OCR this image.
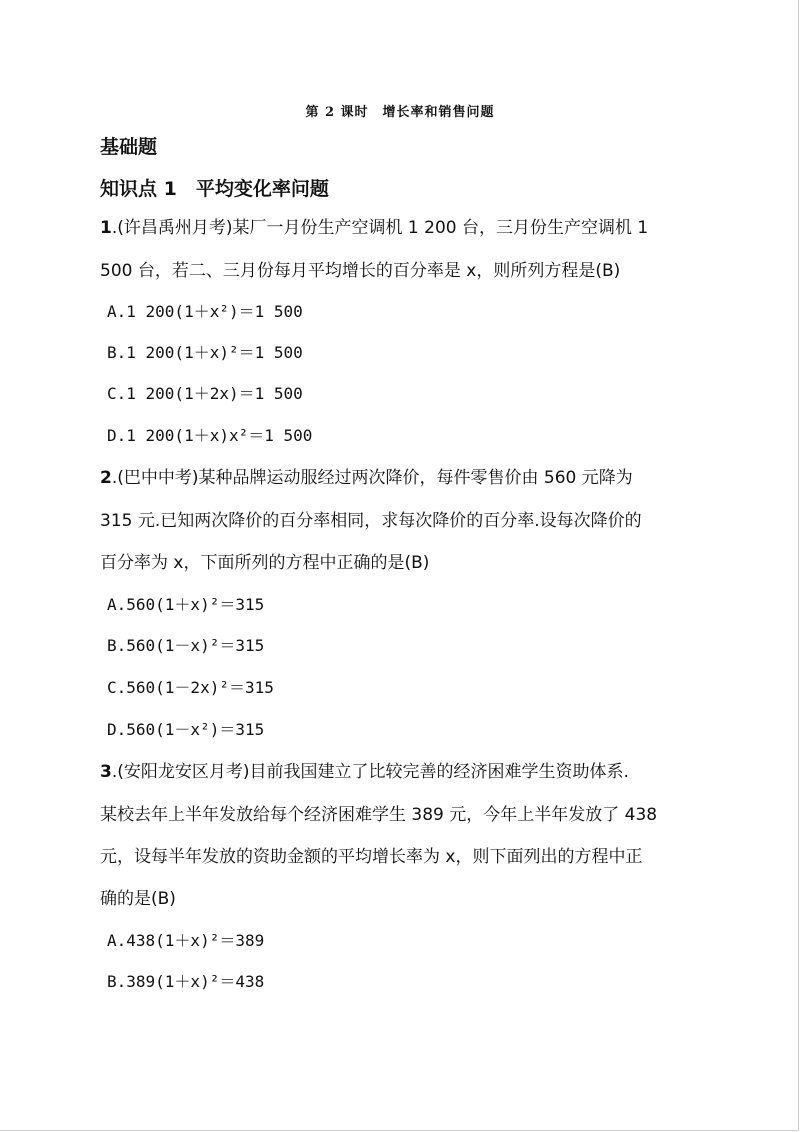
第 2 课时　增长率和销售问题
基础题
知识点 1　平均变化率问题
1.(许昌禹州月考)某厂一月份生产空调机 1 200 台，三月份生产空调机 1
500 台，若二、三月份每月平均增长的百分率是 x，则所列方程是(B)
A.1 200(1＋x²)＝1 500
B.1 200(1＋x)²＝1 500
C.1 200(1＋2x)＝1 500
D.1 200(1＋x)x²＝1 500
2.(巴中中考)某种品牌运动服经过两次降价，每件零售价由 560 元降为
315 元.已知两次降价的百分率相同，求每次降价的百分率.设每次降价的
百分率为 x，下面所列的方程中正确的是(B)
A.560(1＋x)²＝315
B.560(1－x)²＝315
C.560(1－2x)²＝315
D.560(1－x²)＝315
3.(安阳龙安区月考)目前我国建立了比较完善的经济困难学生资助体系.
某校去年上半年发放给每个经济困难学生 389 元，今年上半年发放了 438
元，设每半年发放的资助金额的平均增长率为 x，则下面列出的方程中正
确的是(B)
A.438(1＋x)²＝389
B.389(1＋x)²＝438
